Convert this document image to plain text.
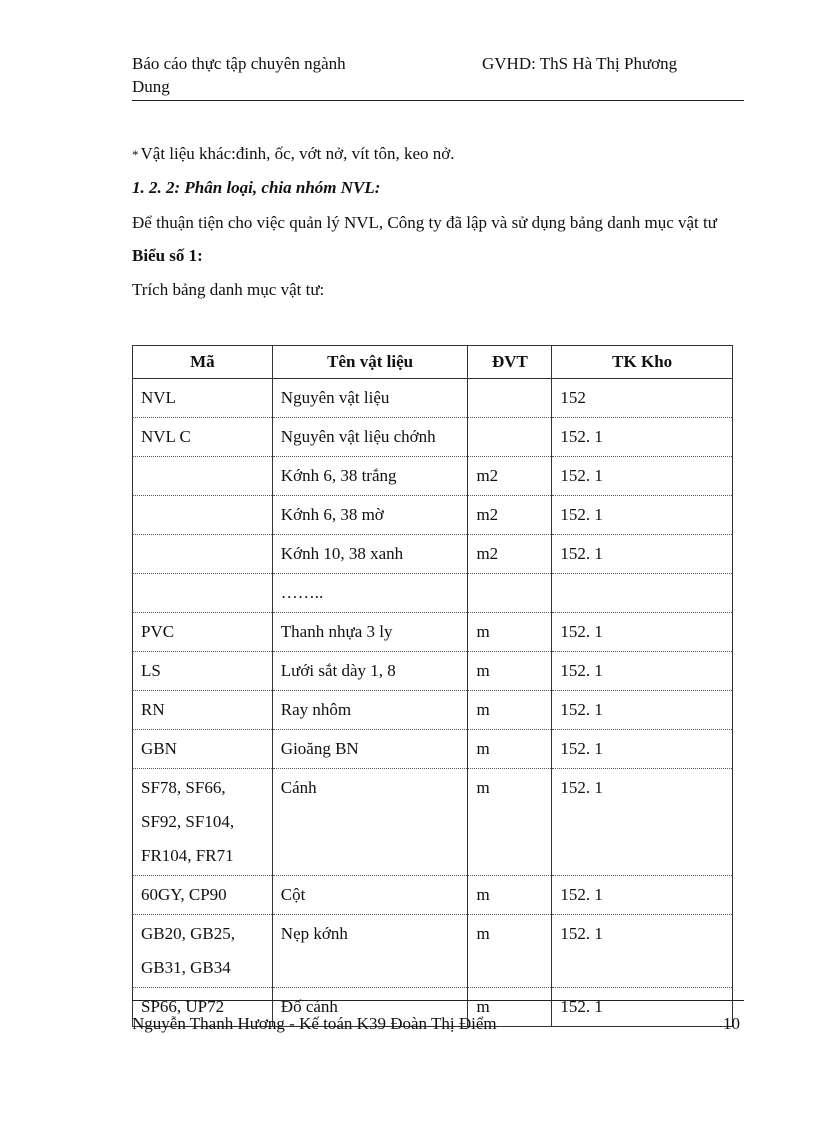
Báo cáo thực tập chuyên ngành
Dung
GVHD: ThS Hà Thị Phương

* Vật liệu khác:đinh, ốc, vớt nở, vít tôn, keo nở.

1. 2. 2: Phân loại, chia nhóm NVL:

Để thuận tiện cho việc quản lý NVL, Công ty đã lập và sử dụng bảng danh mục vật tư

Biểu số 1:

Trích bảng danh mục vật tư:

Mã	Tên vật liệu	ĐVT	TK Kho

NVL	Nguyên vật liệu		152

NVL C	Nguyên vật liệu chớnh		152. 1

	Kớnh 6, 38 trắng	m2	152. 1

	Kớnh 6, 38 mờ	m2	152. 1

	Kớnh 10, 38 xanh	m2	152. 1

	……..		

PVC	Thanh nhựa 3 ly	m	152. 1

LS	Lưới sắt dày 1, 8	m	152. 1

RN	Ray nhôm	m	152. 1

GBN	Gioăng BN	m	152. 1

SF78, SF66,
SF92, SF104,
FR104, FR71	Cánh	m	152. 1

60GY, CP90	Cột	m	152. 1

GB20, GB25,
GB31, GB34	Nẹp kớnh	m	152. 1

SP66, UP72	Đố cánh	m	152. 1
Nguyễn Thanh Hương - Kế toán K39 Đoàn Thị Điểm	10
